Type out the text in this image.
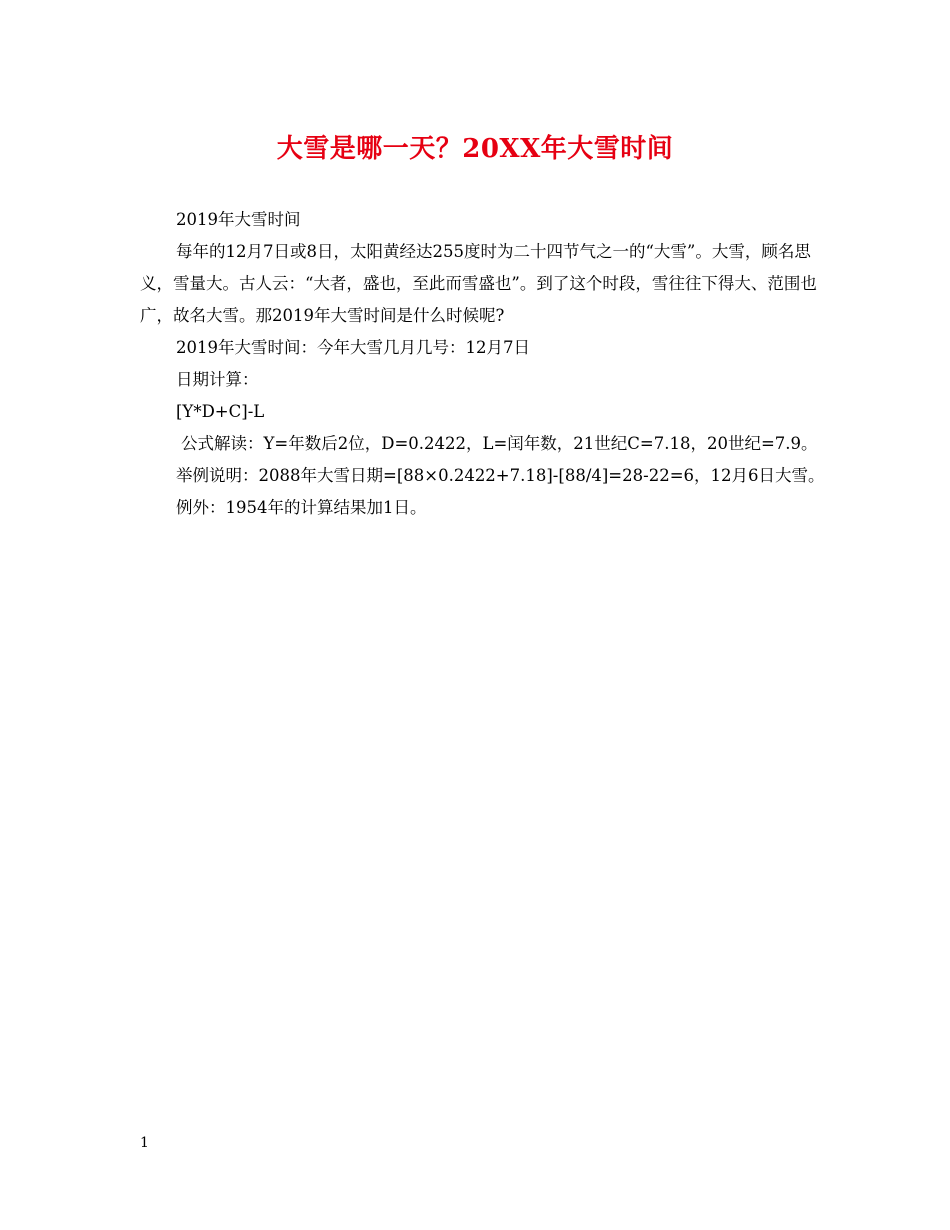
大雪是哪一天？20XX年大雪时间

2019年大雪时间

每年的12月7日或8日，太阳黄经达255度时为二十四节气之一的“大雪”。大雪，顾名思义，雪量大。古人云：“大者，盛也，至此而雪盛也”。到了这个时段，雪往往下得大、范围也广，故名大雪。那2019年大雪时间是什么时候呢?

2019年大雪时间：今年大雪几月几号：12月7日

日期计算：

[Y*D+C]-L

公式解读：Y=年数后2位，D=0.2422，L=闰年数，21世纪C=7.18，20世纪=7.9。

举例说明：2088年大雪日期=[88×0.2422+7.18]-[88/4]=28-22=6，12月6日大雪。

例外：1954年的计算结果加1日。

1
